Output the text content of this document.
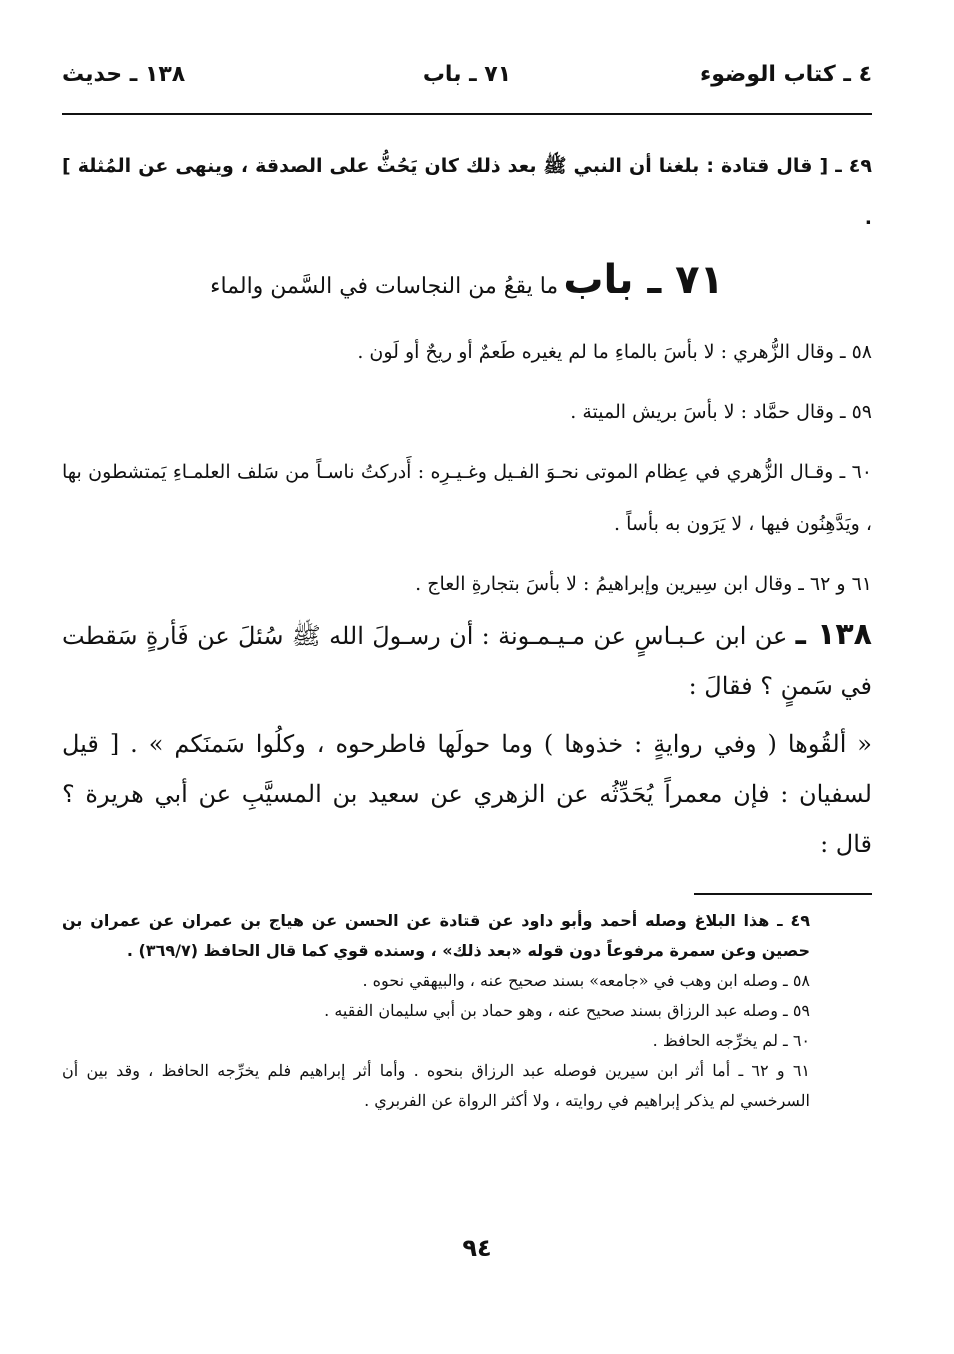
٤ ـ كتاب الوضوء
٧١ ـ باب
١٣٨ ـ حديث

٤٩ ـ [ قال قتادة : بلغنا أن النبي ﷺ بعد ذلك كان يَحُثُّ على الصدقة ، وينهى عن المُثلة ] .

٧١ ـ باب ما يقعُ من النجاسات في السَّمن والماء

٥٨ ـ وقال الزُّهري : لا بأسَ بالماءِ ما لم يغيره طَعمٌ أو ريحٌ أو لَون .

٥٩ ـ وقال حمَّاد : لا بأسَ بريش الميتة .

٦٠ ـ وقـال الزُّهري في عِظام الموتى نحـوَ الفـيل وغـيـرِه : أَدركتُ ناسـاً من سَلف العلمـاءِ يَمتشطون بها ، ويَدَّهِنُون فيها ، لا يَرَون به بأساً .

٦١ و ٦٢ ـ وقال ابن سِيرين وإبراهيمُ : لا بأسَ بتجارةِ العاج .

١٣٨ ـ عن ابن عـبـاسٍ عن مـيـمـونة : أن رسـولَ الله ﷺ سُئلَ عن فَأرةٍ سَقطت في سَمنٍ ؟ فقالَ :

« ألقُوها ( وفي روايةٍ : خذوها ) وما حولَها فاطرحوه ، وكلُوا سَمنَكم » . [ قيل لسفيان : فإن معمراً يُحَدِّثُه عن الزهري عن سعيد بن المسيَّبِ عن أبي هريرة ؟ قال :

٤٩ ـ هذا البلاغ وصله أحمد وأبو داود عن قتادة عن الحسن عن هياج بن عمران عن عمران بن حصين وعن سمرة مرفوعاً دون قوله «بعد ذلك» ، وسنده قوي كما قال الحافظ (٣٦٩/٧) .

٥٨ ـ وصله ابن وهب في «جامعه» بسند صحيح عنه ، والبيهقي نحوه .

٥٩ ـ وصله عبد الرزاق بسند صحيح عنه ، وهو حماد بن أبي سليمان الفقيه .

٦٠ ـ لم يخرِّجه الحافظ .

٦١ و ٦٢ ـ أما أثر ابن سيرين فوصله عبد الرزاق بنحوه . وأما أثر إبراهيم فلم يخرِّجه الحافظ ، وقد بين أن السرخسي لم يذكر إبراهيم في روايته ، ولا أكثر الرواة عن الفربري .

٩٤
